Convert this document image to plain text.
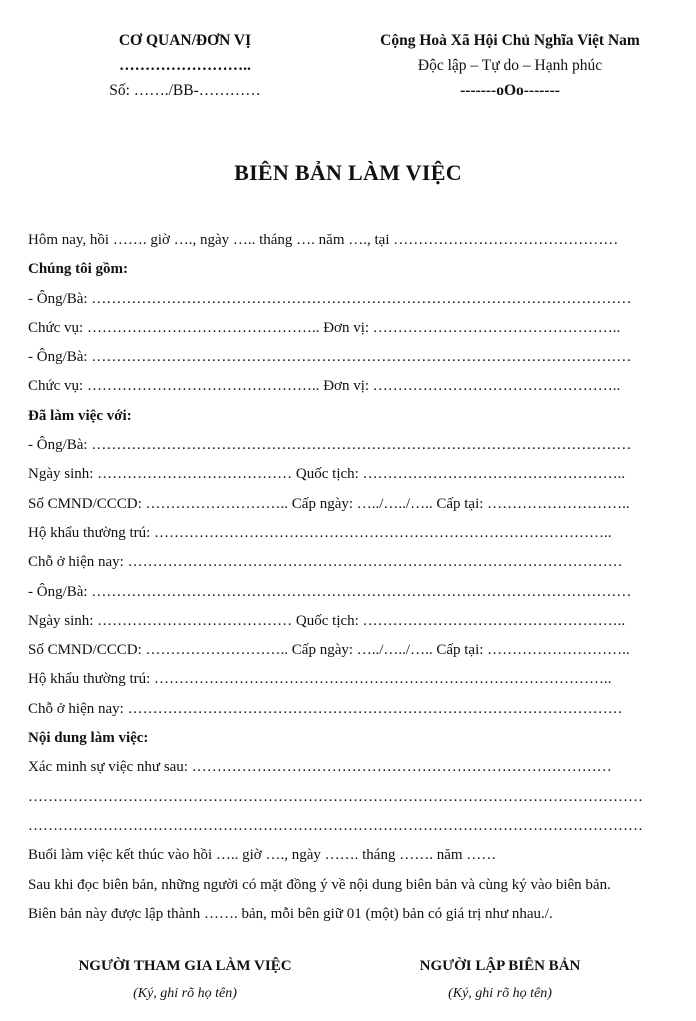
CƠ QUAN/ĐƠN VỊ
……………………..
Số: ……./BB-…………
Cộng Hoà Xã Hội Chủ Nghĩa Việt Nam
Độc lập – Tự do – Hạnh phúc
-------oOo-------
BIÊN BẢN LÀM VIỆC
Hôm nay, hồi ……. giờ …., ngày ….. tháng …. năm …., tại ………………………………………
Chúng tôi gồm:
- Ông/Bà: ………………………………………………………………………………………………
Chức vụ: ……………………………………….. Đơn vị: …………………………………………..
- Ông/Bà: ………………………………………………………………………………………………
Chức vụ: ……………………………………….. Đơn vị: …………………………………………..
Đã làm việc với:
- Ông/Bà: ………………………………………………………………………………………………
Ngày sinh: ………………………………… Quốc tịch: ……………………………………………..
Số CMND/CCCD: ……………………….. Cấp ngày: …../…../….. Cấp tại: ………………………..
Hộ khẩu thường trú: ………………………………………………………………………………..
Chỗ ở hiện nay: ………………………………………………………………………………………
- Ông/Bà: ………………………………………………………………………………………………
Ngày sinh: ………………………………… Quốc tịch: ……………………………………………..
Số CMND/CCCD: ……………………….. Cấp ngày: …../…../….. Cấp tại: ………………………..
Hộ khẩu thường trú: ………………………………………………………………………………..
Chỗ ở hiện nay: ………………………………………………………………………………………
Nội dung làm việc:
Xác minh sự việc như sau: …………………………………………………………………………
……………………………………………………………………………………………………………
……………………………………………………………………………………………………………
Buổi làm việc kết thúc vào hồi ….. giờ …., ngày ……. tháng ……. năm ……
Sau khi đọc biên bản, những người có mặt đồng ý về nội dung biên bản và cùng ký vào biên bản.
Biên bản này được lập thành ……. bản, mỗi bên giữ 01 (một) bản có giá trị như nhau./.
NGƯỜI THAM GIA LÀM VIỆC
(Ký, ghi rõ họ tên)
NGƯỜI LẬP BIÊN BẢN
(Ký, ghi rõ họ tên)
